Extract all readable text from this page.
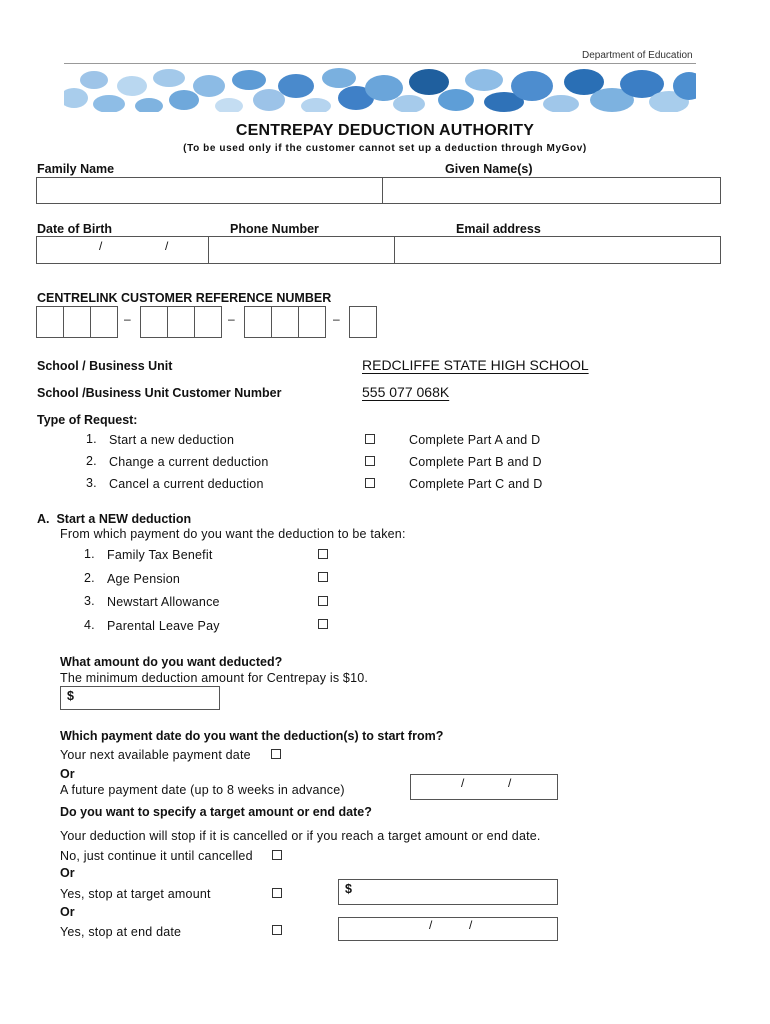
Department of Education
CENTREPAY DEDUCTION AUTHORITY
(To be used only if the customer cannot set up a deduction through MyGov)
Family Name	Given Name(s)
Date of Birth	Phone Number	Email address
/	/
CENTRELINK CUSTOMER REFERENCE NUMBER
–	–	–
School / Business Unit	REDCLIFFE STATE HIGH SCHOOL
School /Business Unit Customer Number	555 077 068K
Type of Request:
1. Start a new deduction	Complete Part A and D
2. Change a current deduction	Complete Part B and D
3. Cancel a current deduction	Complete Part C and D
A.  Start a NEW deduction
From which payment do you want the deduction to be taken:
1. Family Tax Benefit
2. Age Pension
3. Newstart Allowance
4. Parental Leave Pay
What amount do you want deducted?
The minimum deduction amount for Centrepay is $10.
$
Which payment date do you want the deduction(s) to start from?
Your next available payment date
Or
A future payment date (up to 8 weeks in advance)	/	/
Do you want to specify a target amount or end date?
Your deduction will stop if it is cancelled or if you reach a target amount or end date.
No, just continue it until cancelled
Or
Yes, stop at target amount	$
Or
Yes, stop at end date	/	/
